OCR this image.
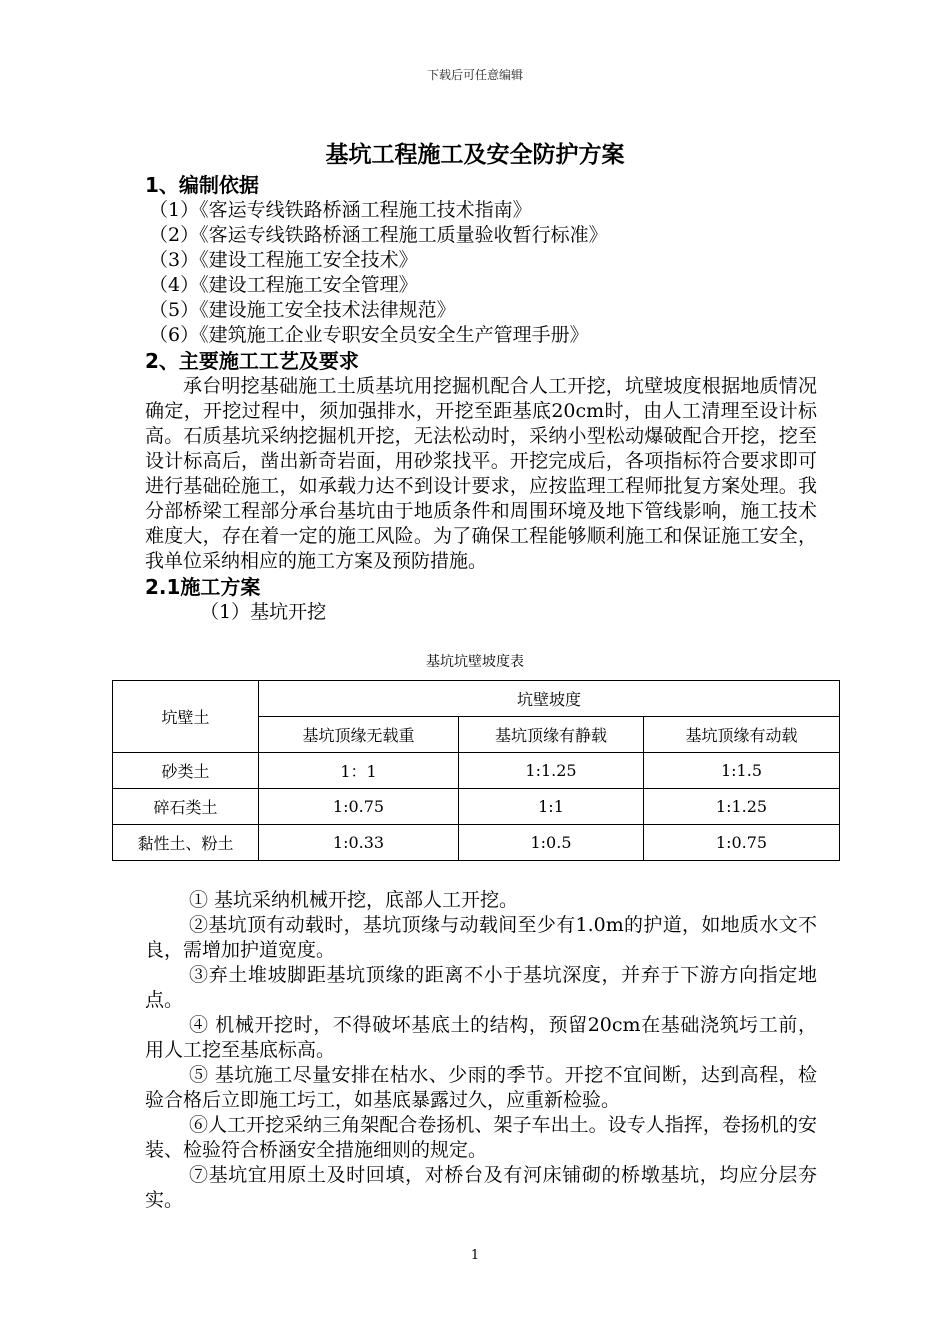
下载后可任意编辑
基坑工程施工及安全防护方案

1、编制依据

（1）《客运专线铁路桥涵工程施工技术指南》

（2）《客运专线铁路桥涵工程施工质量验收暂行标准》

（3）《建设工程施工安全技术》

（4）《建设工程施工安全管理》

（5）《建设施工安全技术法律规范》

（6）《建筑施工企业专职安全员安全生产管理手册》

2、主要施工工艺及要求

承台明挖基础施工土质基坑用挖掘机配合人工开挖，坑壁坡度根据地质情况确定，开挖过程中，须加强排水，开挖至距基底20cm时，由人工清理至设计标高。石质基坑采纳挖掘机开挖，无法松动时，采纳小型松动爆破配合开挖，挖至设计标高后，凿出新奇岩面，用砂浆找平。开挖完成后，各项指标符合要求即可进行基础砼施工，如承载力达不到设计要求，应按监理工程师批复方案处理。我分部桥梁工程部分承台基坑由于地质条件和周围环境及地下管线影响，施工技术难度大，存在着一定的施工风险。为了确保工程能够顺利施工和保证施工安全，我单位采纳相应的施工方案及预防措施。

2.1施工方案

（1）基坑开挖

基坑坑壁坡度表
坑壁土	坑壁坡度		
	基坑顶缘无载重	基坑顶缘有静载	基坑顶缘有动载
砂类土	1：1	1:1.25	1:1.5
碎石类土	1:0.75	1:1	1:1.25
黏性土、粉土	1:0.33	1:0.5	1:0.75

① 基坑采纳机械开挖，底部人工开挖。

②基坑顶有动载时，基坑顶缘与动载间至少有1.0m的护道，如地质水文不良，需增加护道宽度。

③弃土堆坡脚距基坑顶缘的距离不小于基坑深度，并弃于下游方向指定地点。

④ 机械开挖时，不得破坏基底土的结构，预留20cm在基础浇筑圬工前，用人工挖至基底标高。

⑤ 基坑施工尽量安排在枯水、少雨的季节。开挖不宜间断，达到高程，检验合格后立即施工圬工，如基底暴露过久，应重新检验。

⑥人工开挖采纳三角架配合卷扬机、架子车出土。设专人指挥，卷扬机的安装、检验符合桥涵安全措施细则的规定。

⑦基坑宜用原土及时回填，对桥台及有河床铺砌的桥墩基坑，均应分层夯实。

1
